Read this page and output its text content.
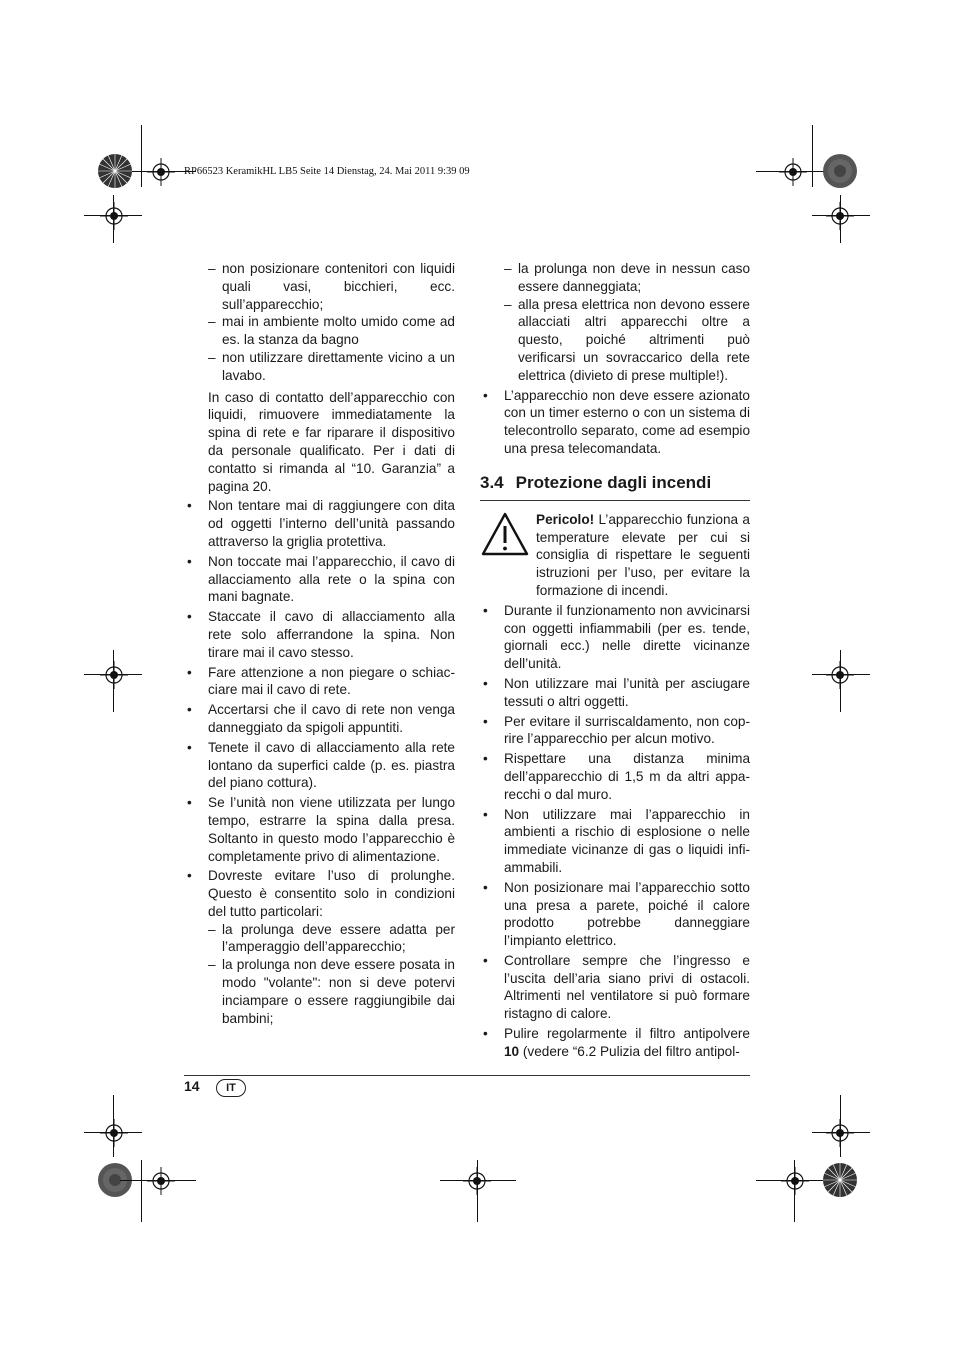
RP66523 KeramikHL LB5 Seite 14 Dienstag, 24. Mai 2011 9:39 09

– non posizionare contenitori con liquidi quali vasi, bicchieri, ecc. sull’apparecchio;

– mai in ambiente molto umido come ad es. la stanza da bagno

– non utilizzare direttamente vicino a un lavabo.

In caso di contatto dell’apparecchio con liquidi, rimuovere immediatamente la spina di rete e far riparare il dispositivo da personale qualificato. Per i dati di contatto si rimanda al “10. Garanzia” a pagina 20.

• Non tentare mai di raggiungere con dita od oggetti l’interno dell’unità passando attraverso la griglia protettiva.

• Non toccate mai l’apparecchio, il cavo di allacciamento alla rete o la spina con mani bagnate.

• Staccate il cavo di allacciamento alla rete solo afferrandone la spina. Non tirare mai il cavo stesso.

• Fare attenzione a non piegare o schiacciare mai il cavo di rete.

• Accertarsi che il cavo di rete non venga danneggiato da spigoli appuntiti.

• Tenete il cavo di allacciamento alla rete lontano da superfici calde (p. es. piastra del piano cottura).

• Se l’unità non viene utilizzata per lungo tempo, estrarre la spina dalla presa. Soltanto in questo modo l’apparecchio è completamente privo di alimentazione.

• Dovreste evitare l’uso di prolunghe. Questo è consentito solo in condizioni del tutto particolari:

– la prolunga deve essere adatta per l’amperaggio dell’apparecchio;

– la prolunga non deve essere posata in modo "volante": non si deve potervi inciampare o essere raggiungibile dai bambini;

– la prolunga non deve in nessun caso essere danneggiata;

– alla presa elettrica non devono essere allacciati altri apparecchi oltre a questo, poiché altrimenti può verificarsi un sovraccarico della rete elettrica (divieto di prese multiple!).

• L’apparecchio non deve essere azionato con un timer esterno o con un sistema di telecontrollo separato, come ad esempio una presa telecomandata.

3.4 Protezione dagli incendi

Pericolo! L’apparecchio funziona a temperature elevate per cui si consiglia di rispettare le seguenti istruzioni per l’uso, per evitare la formazione di incendi.

• Durante il funzionamento non avvicinarsi con oggetti infiammabili (per es. tende, giornali ecc.) nelle dirette vicinanze dell’unità.

• Non utilizzare mai l’unità per asciugare tessuti o altri oggetti.

• Per evitare il surriscaldamento, non coprire l’apparecchio per alcun motivo.

• Rispettare una distanza minima dell’apparecchio di 1,5 m da altri apparecchi o dal muro.

• Non utilizzare mai l’apparecchio in ambienti a rischio di esplosione o nelle immediate vicinanze di gas o liquidi infiammabili.

• Non posizionare mai l’apparecchio sotto una presa a parete, poiché il calore prodotto potrebbe danneggiare l’impianto elettrico.

• Controllare sempre che l’ingresso e l’uscita dell’aria siano privi di ostacoli. Altrimenti nel ventilatore si può formare ristagno di calore.

• Pulire regolarmente il filtro antipolvere 10 (vedere “6.2 Pulizia del filtro antipol-

14	IT
